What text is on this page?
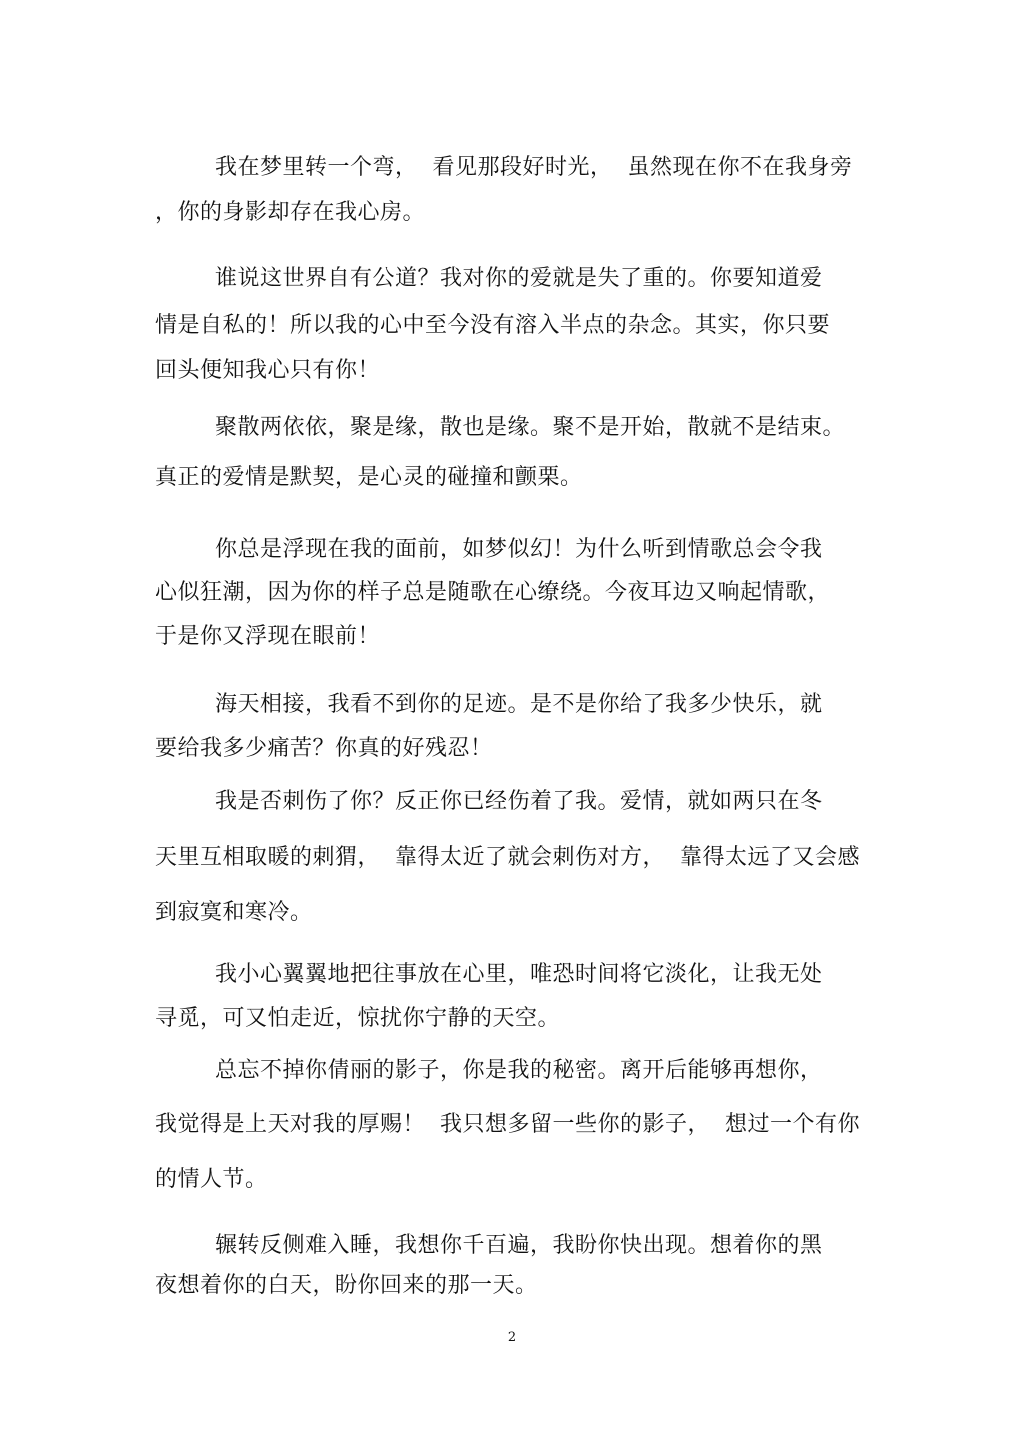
我在梦里转一个弯，  看见那段好时光，  虽然现在你不在我身旁
，你的身影却存在我心房。
谁说这世界自有公道？我对你的爱就是失了重的。你要知道爱
情是自私的！所以我的心中至今没有溶入半点的杂念。其实，你只要
回头便知我心只有你！
聚散两依依，聚是缘，散也是缘。聚不是开始，散就不是结束。
真正的爱情是默契，是心灵的碰撞和颤栗。
你总是浮现在我的面前，如梦似幻！为什么听到情歌总会令我
心似狂潮，因为你的样子总是随歌在心缭绕。今夜耳边又响起情歌，
于是你又浮现在眼前！
海天相接，我看不到你的足迹。是不是你给了我多少快乐，就
要给我多少痛苦？你真的好残忍！
我是否刺伤了你？反正你已经伤着了我。爱情，就如两只在冬
天里互相取暖的刺猬，  靠得太近了就会刺伤对方，  靠得太远了又会感
到寂寞和寒冷。
我小心翼翼地把往事放在心里，唯恐时间将它淡化，让我无处
寻觅，可又怕走近，惊扰你宁静的天空。
总忘不掉你倩丽的影子，你是我的秘密。离开后能够再想你，
我觉得是上天对我的厚赐！  我只想多留一些你的影子，  想过一个有你
的情人节。
辗转反侧难入睡，我想你千百遍，我盼你快出现。想着你的黑
夜想着你的白天，盼你回来的那一天。
2
